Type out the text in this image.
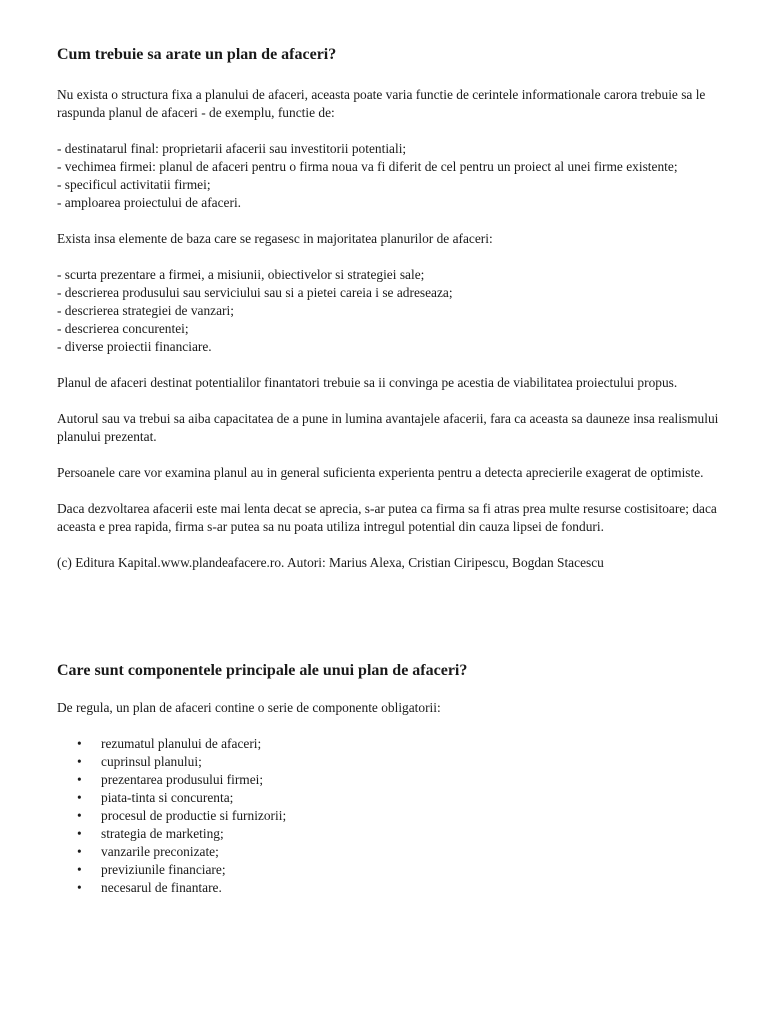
Cum trebuie sa arate un plan de afaceri?

Nu exista o structura fixa a planului de afaceri, aceasta poate varia functie de cerintele informationale carora trebuie sa le raspunda planul de afaceri - de exemplu, functie de:

- destinatarul final: proprietarii afacerii sau investitorii potentiali;
- vechimea firmei: planul de afaceri pentru o firma noua va fi diferit de cel pentru un proiect al unei firme existente;
- specificul activitatii firmei;
- amploarea proiectului de afaceri.

Exista insa elemente de baza care se regasesc in majoritatea planurilor de afaceri:

- scurta prezentare a firmei, a misiunii, obiectivelor si strategiei sale;
- descrierea produsului sau serviciului sau si a pietei careia i se adreseaza;
- descrierea strategiei de vanzari;
- descrierea concurentei;
- diverse proiectii financiare.

Planul de afaceri destinat potentialilor finantatori trebuie sa ii convinga pe acestia de viabilitatea proiectului propus.

Autorul sau va trebui sa aiba capacitatea de a pune in lumina avantajele afacerii, fara ca aceasta sa dauneze insa realismului planului prezentat.

Persoanele care vor examina planul au in general suficienta experienta pentru a detecta aprecierile exagerat de optimiste.

Daca dezvoltarea afacerii este mai lenta decat se aprecia, s-ar putea ca firma sa fi atras prea multe resurse costisitoare; daca aceasta e prea rapida, firma s-ar putea sa nu poata utiliza intregul potential din cauza lipsei de fonduri.

(c) Editura Kapital.www.plandeafacere.ro. Autori: Marius Alexa, Cristian Ciripescu, Bogdan Stacescu

Care sunt componentele principale ale unui plan de afaceri?

De regula, un plan de afaceri contine o serie de componente obligatorii:

• rezumatul planului de afaceri;
• cuprinsul planului;
• prezentarea produsului firmei;
• piata-tinta si concurenta;
• procesul de productie si furnizorii;
• strategia de marketing;
• vanzarile preconizate;
• previziunile financiare;
• necesarul de finantare.
